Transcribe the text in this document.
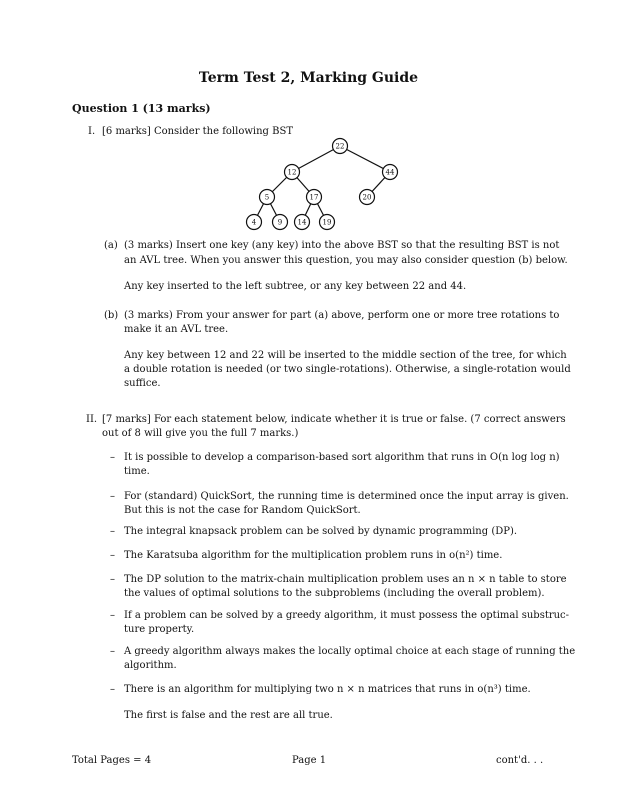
Term Test 2, Marking Guide
Question 1 (13 marks)
I. [6 marks] Consider the following BST
22
12	44
5	17	20
4	9 14 19
(a) (3 marks) Insert one key (any key) into the above BST so that the resulting BST is not
an AVL tree. When you answer this question, you may also consider question (b) below.
Any key inserted to the left subtree, or any key between 22 and 44.
(b) (3 marks) From your answer for part (a) above, perform one or more tree rotations to
make it an AVL tree.
Any key between 12 and 22 will be inserted to the middle section of the tree, for which
a double rotation is needed (or two single-rotations). Otherwise, a single-rotation would
suffice.
II. [7 marks] For each statement below, indicate whether it is true or false. (7 correct answers
out of 8 will give you the full 7 marks.)
– It is possible to develop a comparison-based sort algorithm that runs in O(n log log n)
time.
– For (standard) QuickSort, the running time is determined once the input array is given.
But this is not the case for Random QuickSort.
– The integral knapsack problem can be solved by dynamic programming (DP).
– The Karatsuba algorithm for the multiplication problem runs in o(n²) time.
– The DP solution to the matrix-chain multiplication problem uses an n × n table to store
the values of optimal solutions to the subproblems (including the overall problem).
– If a problem can be solved by a greedy algorithm, it must possess the optimal substruc-
ture property.
– A greedy algorithm always makes the locally optimal choice at each stage of running the
algorithm.
– There is an algorithm for multiplying two n × n matrices that runs in o(n³) time.
The first is false and the rest are all true.
Total Pages = 4	Page 1	cont'd. . .
